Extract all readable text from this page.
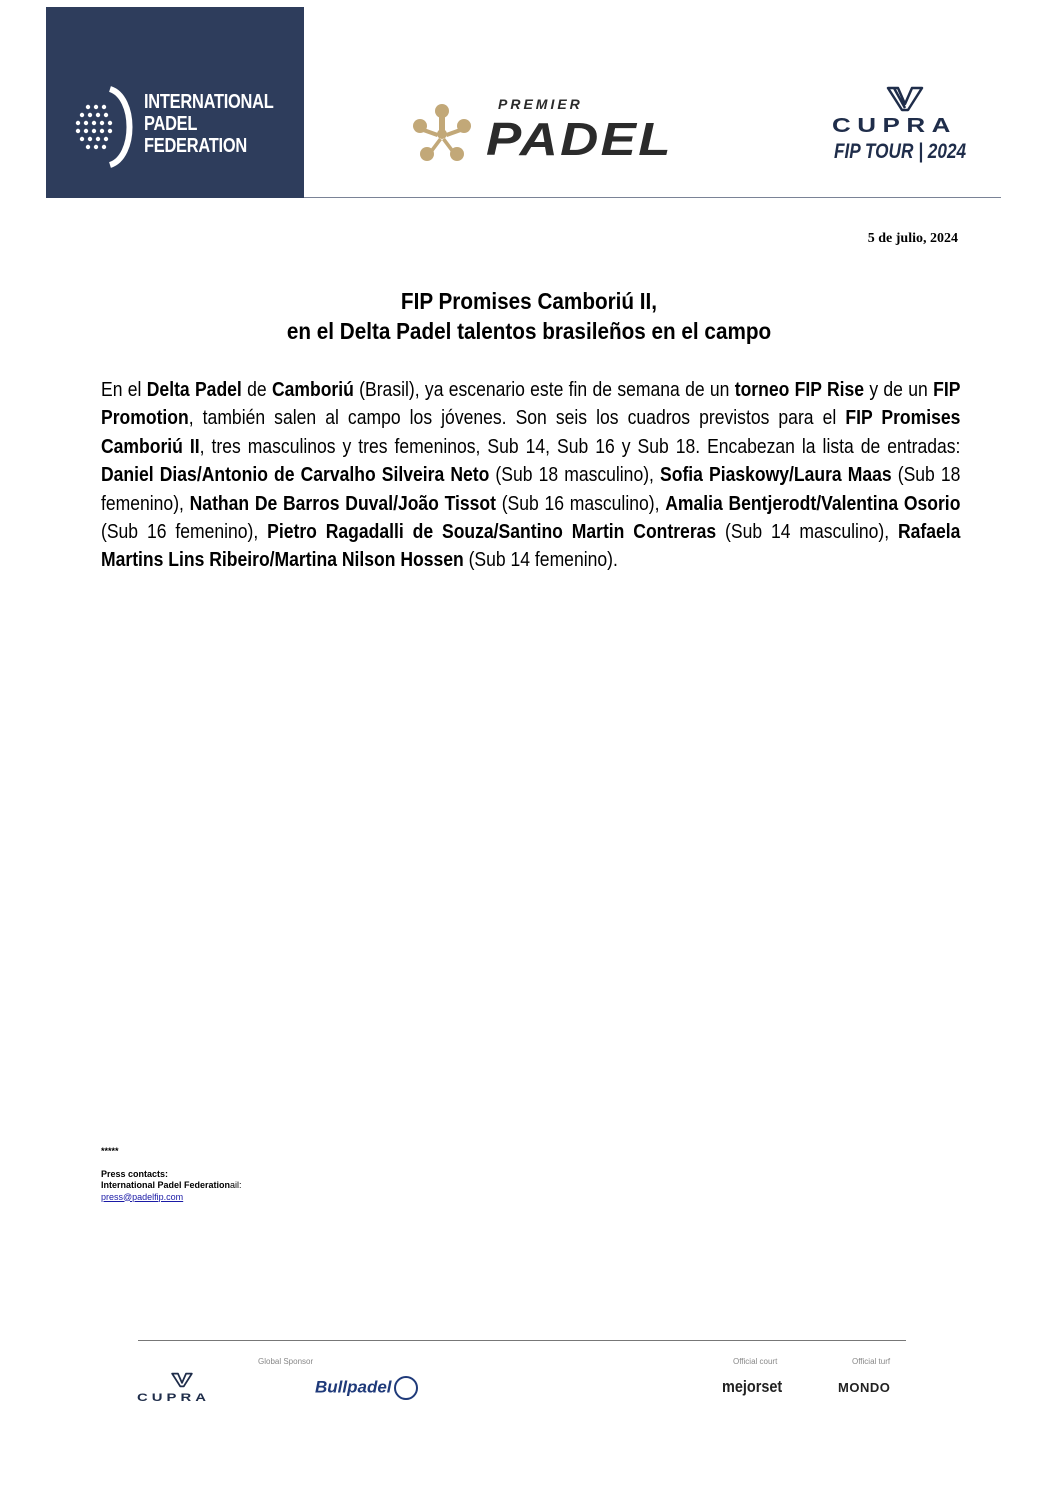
INTERNATIONAL
PADEL
FEDERATION
PREMIER
PADEL	CUPRA
FIP TOUR | 2024
5 de julio, 2024
FIP Promises Camboriú II,
en el Delta Padel talentos brasileños en el campo
En el Delta Padel de Camboriú (Brasil), ya escenario este fin de semana de un torneo FIP Rise y de un FIP Promotion, también salen al campo los jóvenes. Son seis los cuadros previstos para el FIP Promises Camboriú II, tres masculinos y tres femeninos, Sub 14, Sub 16 y Sub 18. Encabezan la lista de entradas: Daniel Dias/Antonio de Carvalho Silveira Neto (Sub 18 masculino), Sofia Piaskowy/Laura Maas (Sub 18 femenino), Nathan De Barros Duval/João Tissot (Sub 16 masculino), Amalia Bentjerodt/Valentina Osorio (Sub 16 femenino), Pietro Ragadalli de Souza/Santino Martin Contreras (Sub 14 masculino), Rafaela Martins Lins Ribeiro/Martina Nilson Hossen (Sub 14 femenino).
*****
Press contacts:
International Padel Federationail:
press@padelfip.com
CUPRA
Global Sponsor
Bullpadel
Official court
mejorset
Official turf
MONDO
